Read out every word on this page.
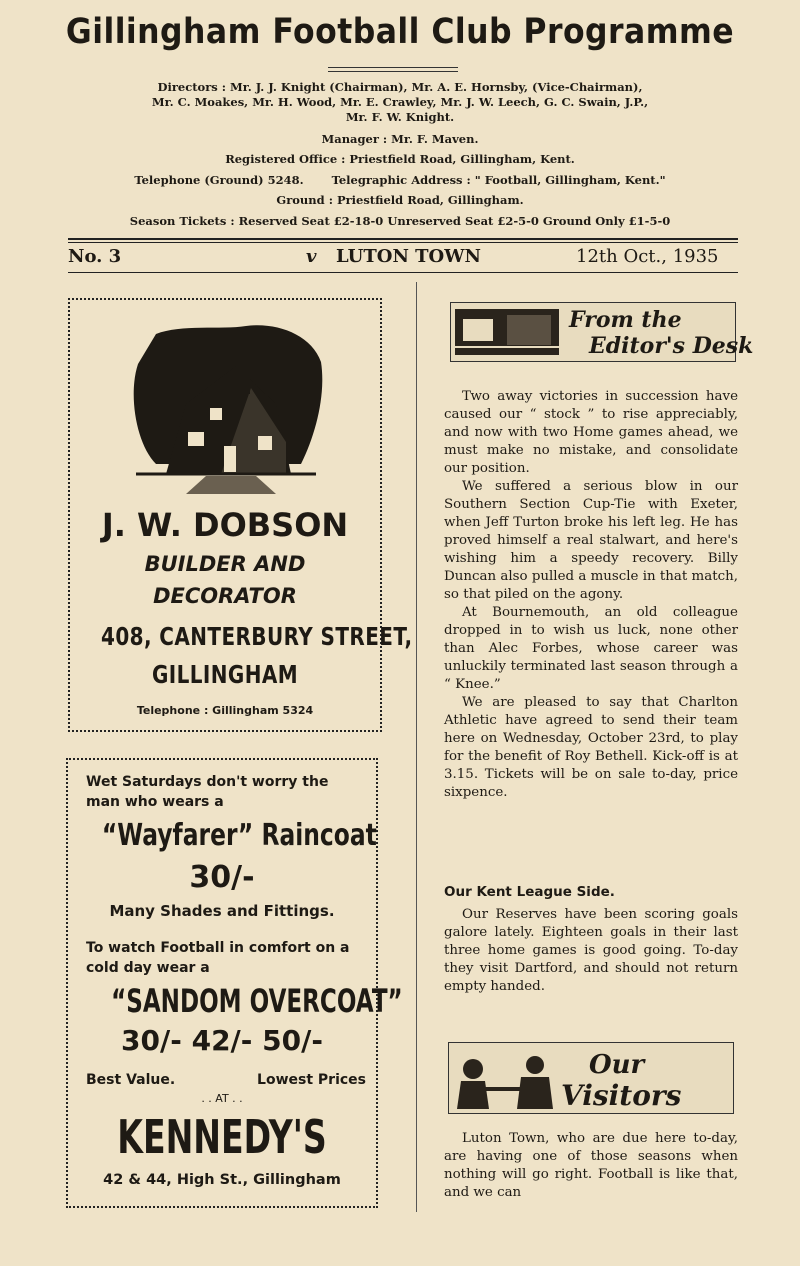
Gillingham Football Club Programme
Directors : Mr. J. J. Knight (Chairman), Mr. A. E. Hornsby, (Vice-Chairman),
Mr. C. Moakes, Mr. H. Wood, Mr. E. Crawley, Mr. J. W. Leech, G. C. Swain, J.P.,
Mr. F. W. Knight.
Manager : Mr. F. Maven.
Registered Office : Priestfield Road, Gillingham, Kent.
Telephone (Ground) 5248. Telegraphic Address : " Football, Gillingham, Kent."
Ground : Priestfield Road, Gillingham.
Season Tickets : Reserved Seat £2-18-0 Unreserved Seat £2-5-0 Ground Only £1-5-0
No. 3	v LUTON TOWN	12th Oct., 1935
J. W. DOBSON
BUILDER AND
DECORATOR
408, CANTERBURY STREET,
GILLINGHAM
Telephone : Gillingham 5324
Wet Saturdays don't worry the man who wears a
“Wayfarer” Raincoat
30/-
Many Shades and Fittings.
To watch Football in comfort on a cold day wear a
“SANDOM OVERCOAT”
30/- 42/- 50/-
Best Value.	Lowest Prices
. . AT . .
KENNEDY'S
42 & 44, High St., Gillingham
From the
Editor's Desk

Two away victories in succession have caused our “ stock ” to rise appreciably, and now with two Home games ahead, we must make no mistake, and consolidate our position.

We suffered a serious blow in our Southern Section Cup-Tie with Exeter, when Jeff Turton broke his left leg. He has proved himself a real stalwart, and here's wishing him a speedy recovery. Billy Duncan also pulled a muscle in that match, so that piled on the agony.

At Bournemouth, an old colleague dropped in to wish us luck, none other than Alec Forbes, whose career was unluckily terminated last season through a “ Knee.”

We are pleased to say that Charlton Athletic have agreed to send their team here on Wednesday, October 23rd, to play for the benefit of Roy Bethell. Kick-off is at 3.15. Tickets will be on sale to-day, price sixpence.

Our Kent League Side.

Our Reserves have been scoring goals galore lately. Eighteen goals in their last three home games is good going. To-day they visit Dartford, and should not return empty handed.

Our
Visitors

Luton Town, who are due here to-day, are having one of those seasons when nothing will go right. Football is like that, and we can
